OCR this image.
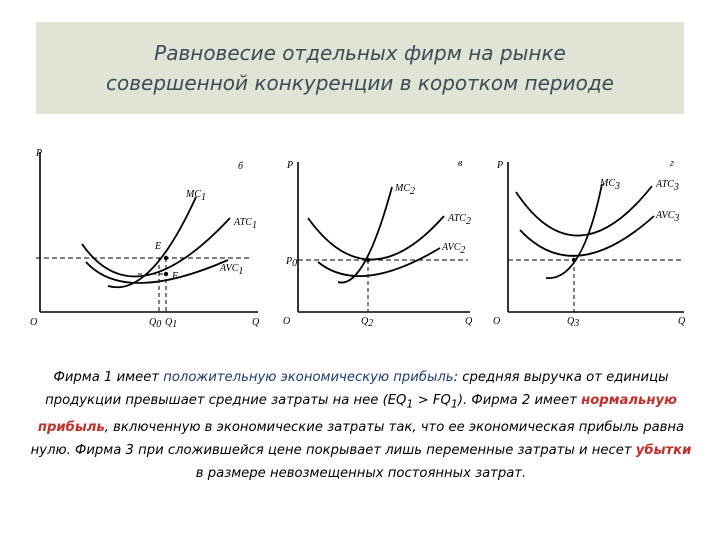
Равновесие отдельных фирм на рынке
совершенной конкуренции в коротком периоде
P
O	Q
б
MC1
ATC1
AVC1
E
F
Q0 Q1
P
O	Q
в
P0
MC2
ATC2
AVC2
Q2
P
O	Q
г
MC3	ATC3
AVC3
Q3
Фирма 1 имеет положительную экономическую прибыль: средняя выручка от единицы продукции превышает средние затраты на нее $(EQ_1 > FQ_1)$. Фирма 2 имеет нормальную прибыль, включенную в экономические затраты так, что ее экономическая прибыль равна нулю. Фирма 3 при сложившейся цене покрывает лишь переменные затраты и несет убытки в размере невозмещенных постоянных затрат.
